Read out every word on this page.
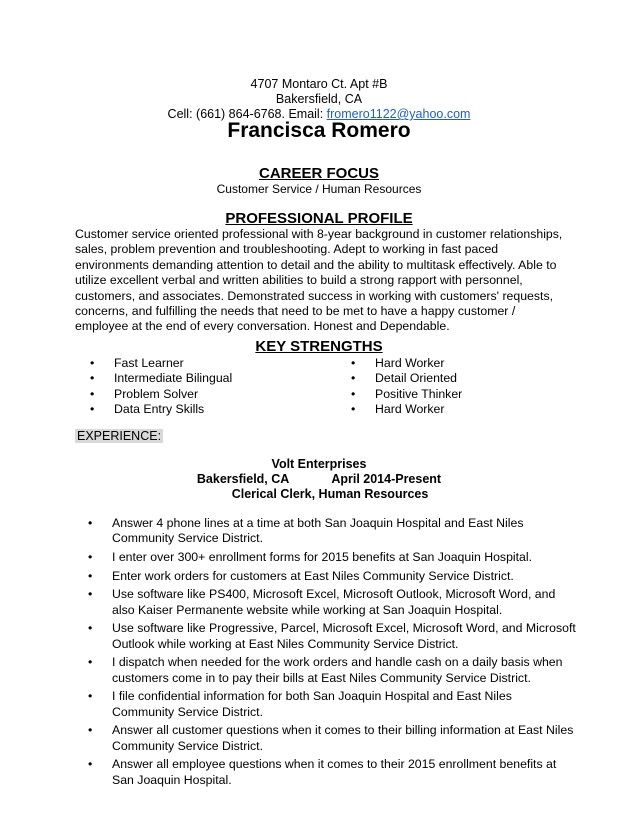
4707 Montaro Ct. Apt #B
Bakersfield, CA
Cell: (661) 864-6768. Email: fromero1122@yahoo.com
Francisca Romero
CAREER FOCUS
Customer Service / Human Resources
PROFESSIONAL PROFILE
Customer service oriented professional with 8-year background in customer relationships, sales, problem prevention and troubleshooting. Adept to working in fast paced environments demanding attention to detail and the ability to multitask effectively. Able to utilize excellent verbal and written abilities to build a strong rapport with personnel, customers, and associates. Demonstrated success in working with customers' requests, concerns, and fulfilling the needs that need to be met to have a happy customer / employee at the end of every conversation. Honest and Dependable.
KEY STRENGTHS
• Fast Learner
• Intermediate Bilingual
• Problem Solver
• Data Entry Skills
• Hard Worker
• Detail Oriented
• Positive Thinker
• Hard Worker
EXPERIENCE:
Volt Enterprises
Bakersfield, CA	April 2014-Present
Clerical Clerk, Human Resources
• Answer 4 phone lines at a time at both San Joaquin Hospital and East Niles Community Service District.
• I enter over 300+ enrollment forms for 2015 benefits at San Joaquin Hospital.
• Enter work orders for customers at East Niles Community Service District.
• Use software like PS400, Microsoft Excel, Microsoft Outlook, Microsoft Word, and also Kaiser Permanente website while working at San Joaquin Hospital.
• Use software like Progressive, Parcel, Microsoft Excel, Microsoft Word, and Microsoft Outlook while working at East Niles Community Service District.
• I dispatch when needed for the work orders and handle cash on a daily basis when customers come in to pay their bills at East Niles Community Service District.
• I file confidential information for both San Joaquin Hospital and East Niles Community Service District.
• Answer all customer questions when it comes to their billing information at East Niles Community Service District.
• Answer all employee questions when it comes to their 2015 enrollment benefits at San Joaquin Hospital.
